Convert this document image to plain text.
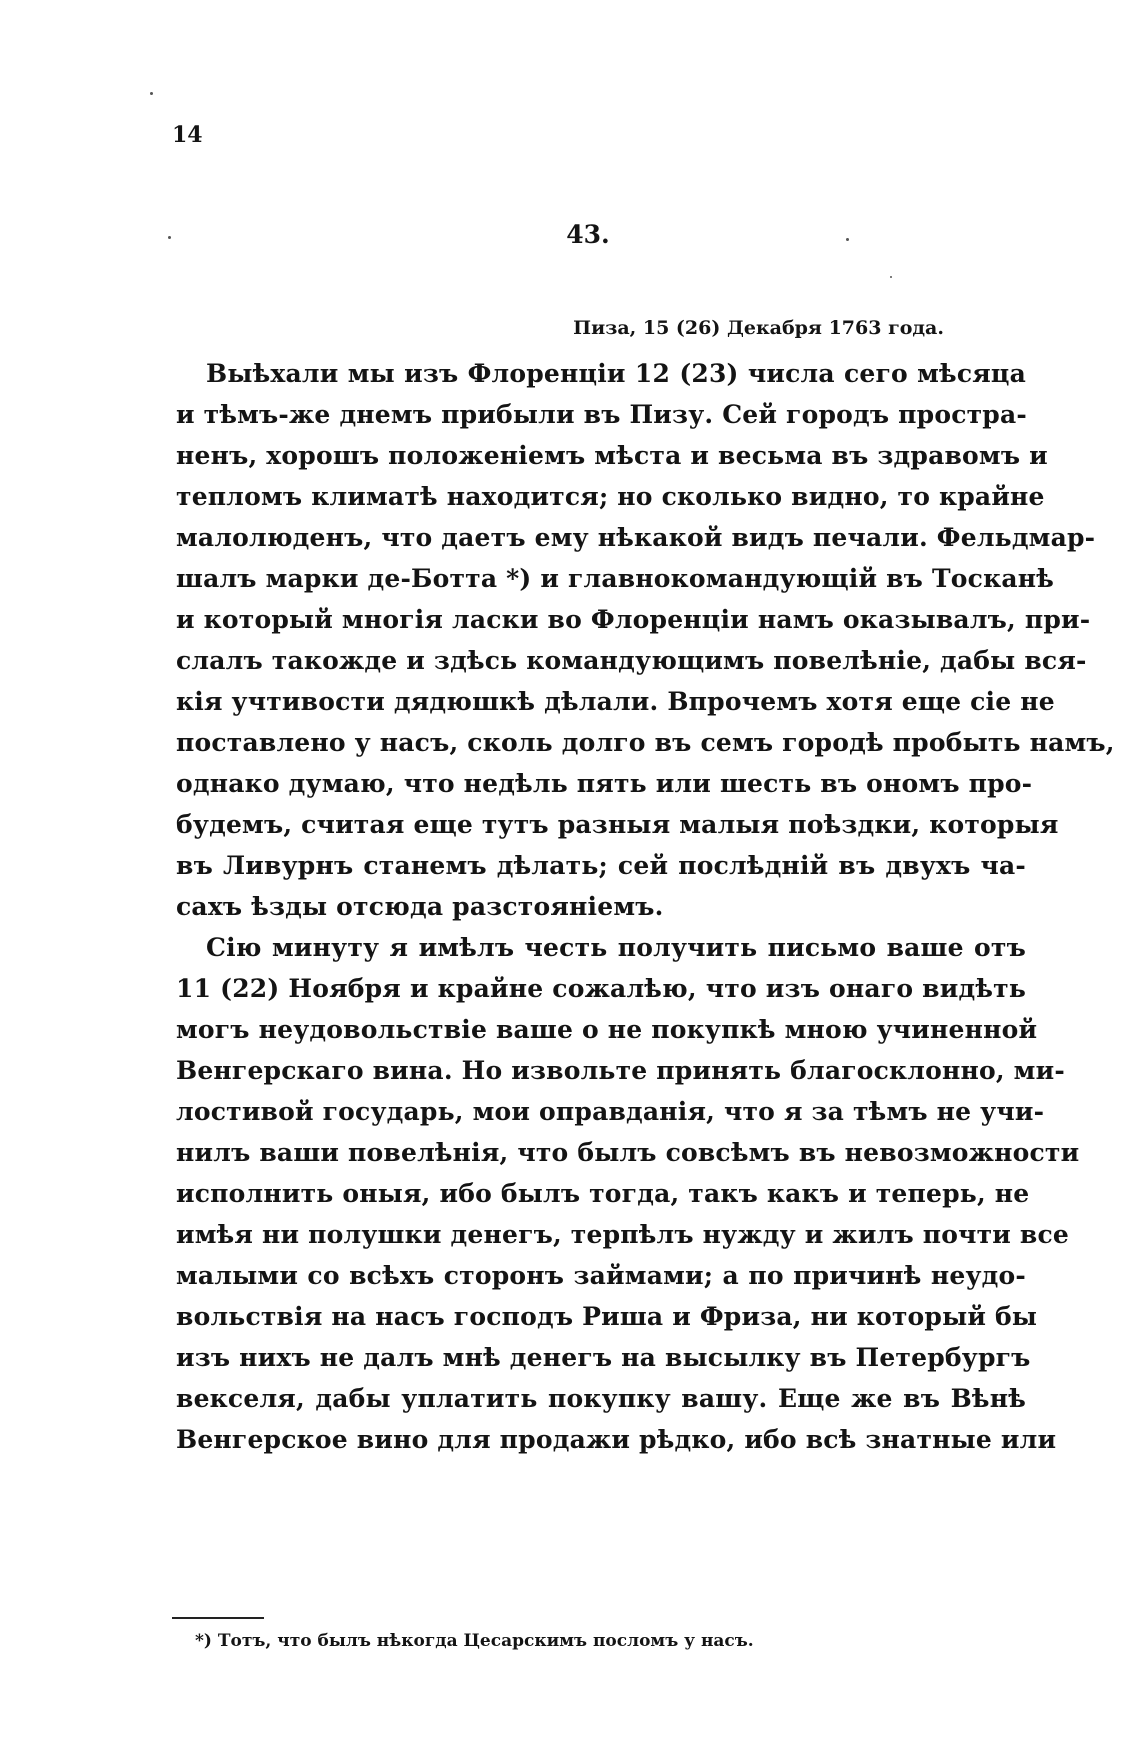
14

43.

Пиза, 15 (26) Декабря 1763 года.

Выѣхали мы изъ Флоренціи 12 (23) числа сего мѣсяца
и тѣмъ-же днемъ прибыли въ Пизу. Сей городъ простра-
ненъ, хорошъ положеніемъ мѣста и весьма въ здравомъ и
тепломъ климатѣ находится; но сколько видно, то крайне
малолюденъ, что даетъ ему нѣкакой видъ печали. Фельдмар-
шалъ марки де-Ботта *) и главнокомандующій въ Тосканѣ
и который многія ласки во Флоренціи намъ оказывалъ, при-
слалъ такожде и здѣсь командующимъ повелѣніе, дабы вся-
кія учтивости дядюшкѣ дѣлали. Впрочемъ хотя еще сіе не
поставлено у насъ, сколь долго въ семъ городѣ пробыть намъ,
однако думаю, что недѣль пять или шесть въ ономъ про-
будемъ, считая еще тутъ разныя малыя поѣздки, которыя
въ Ливурнъ станемъ дѣлать; сей послѣдній въ двухъ ча-
сахъ ѣзды отсюда разстояніемъ.
Сію минуту я имѣлъ честь получить письмо ваше отъ
11 (22) Ноября и крайне сожалѣю, что изъ онаго видѣть
могъ неудовольствіе ваше о не покупкѣ мною учиненной
Венгерскаго вина. Но извольте принять благосклонно, ми-
лостивой государь, мои оправданія, что я за тѣмъ не учи-
нилъ ваши повелѣнія, что былъ совсѣмъ въ невозможности
исполнить оныя, ибо былъ тогда, такъ какъ и теперь, не
имѣя ни полушки денегъ, терпѣлъ нужду и жилъ почти все
малыми со всѣхъ сторонъ займами; а по причинѣ неудо-
вольствія на насъ господъ Риша и Фриза, ни который бы
изъ нихъ не далъ мнѣ денегъ на высылку въ Петербургъ
векселя, дабы уплатить покупку вашу. Еще же въ Вѣнѣ
Венгерское вино для продажи рѣдко, ибо всѣ знатные или

*) Тотъ, что былъ нѣкогда Цесарскимъ посломъ у насъ.
